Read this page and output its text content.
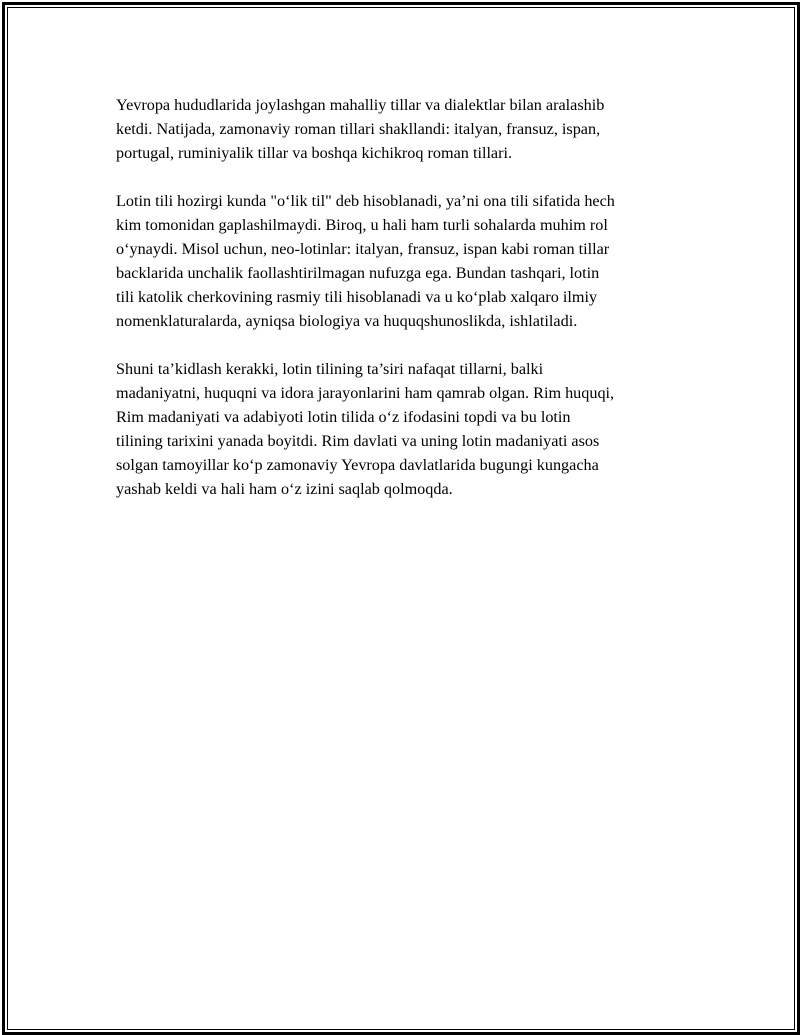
Yevropa hududlarida joylashgan mahalliy tillar va dialektlar bilan aralashib
ketdi. Natijada, zamonaviy roman tillari shakllandi: italyan, fransuz, ispan,
portugal, ruminiyalik tillar va boshqa kichikroq roman tillari.

Lotin tili hozirgi kunda "o‘lik til" deb hisoblanadi, ya’ni ona tili sifatida hech
kim tomonidan gaplashilmaydi. Biroq, u hali ham turli sohalarda muhim rol
o‘ynaydi. Misol uchun, neo-lotinlar: italyan, fransuz, ispan kabi roman tillar
backlarida unchalik faollashtirilmagan nufuzga ega. Bundan tashqari, lotin
tili katolik cherkovining rasmiy tili hisoblanadi va u ko‘plab xalqaro ilmiy
nomenklaturalarda, ayniqsa biologiya va huquqshunoslikda, ishlatiladi.

Shuni ta’kidlash kerakki, lotin tilining ta’siri nafaqat tillarni, balki
madaniyatni, huquqni va idora jarayonlarini ham qamrab olgan. Rim huquqi,
Rim madaniyati va adabiyoti lotin tilida o‘z ifodasini topdi va bu lotin
tilining tarixini yanada boyitdi. Rim davlati va uning lotin madaniyati asos
solgan tamoyillar ko‘p zamonaviy Yevropa davlatlarida bugungi kungacha
yashab keldi va hali ham o‘z izini saqlab qolmoqda.
